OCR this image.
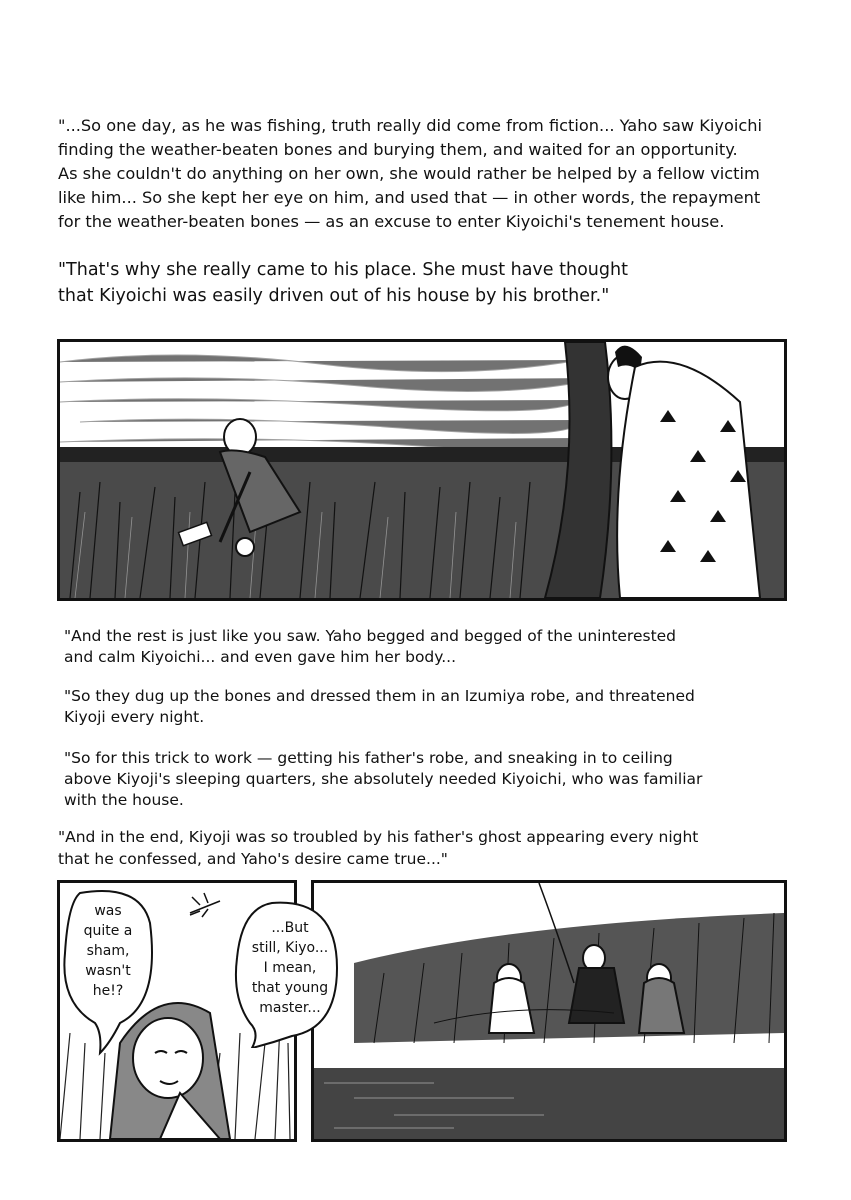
"...So one day, as he was fishing, truth really did come from fiction... Yaho saw Kiyoichi
finding the weather-beaten bones and burying them, and waited for an opportunity.
As she couldn't do anything on her own, she would rather be helped by a fellow victim
like him... So she kept her eye on him, and used that — in other words, the repayment
for the weather-beaten bones — as an excuse to enter Kiyoichi's tenement house.

"That's why she really came to his place. She must have thought
that Kiyoichi was easily driven out of his house by his brother."

"And the rest is just like you saw. Yaho begged and begged of the uninterested
and calm Kiyoichi... and even gave him her body...

"So they dug up the bones and dressed them in an Izumiya robe, and threatened
Kiyoji every night.

"So for this trick to work — getting his father's robe, and sneaking in to ceiling
above Kiyoji's sleeping quarters, she absolutely needed Kiyoichi, who was familiar
with the house.

"And in the end, Kiyoji was so troubled by his father's ghost appearing every night
that he confessed, and Yaho's desire came true..."

was
quite a
sham,
wasn't
he!?
...But
still, Kiyo...
I mean,
that young
master...
